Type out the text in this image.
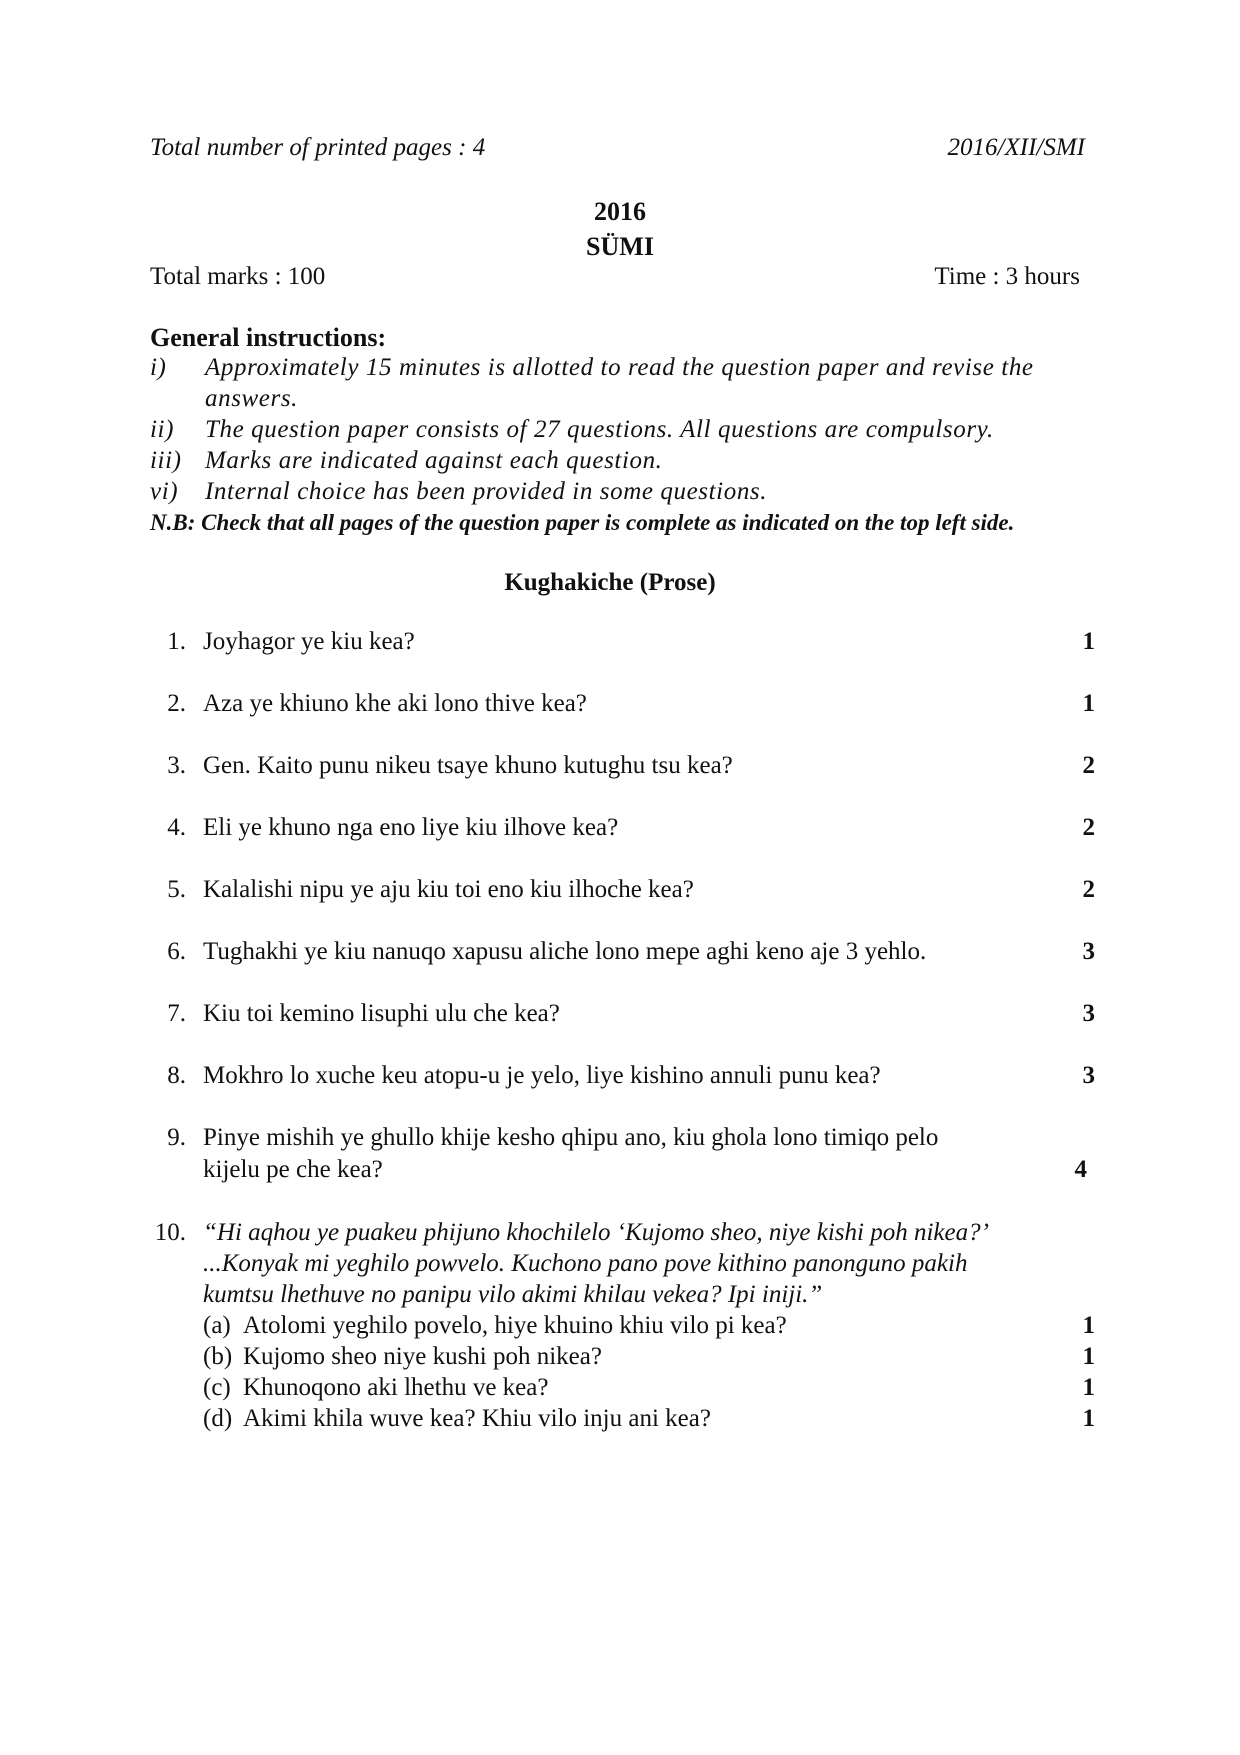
Total number of printed pages : 4	2016/XII/SMI
2016
SÜMI
Total marks : 100	Time : 3 hours
General instructions:
i) Approximately 15 minutes is allotted to read the question paper and revise the
answers.
ii) The question paper consists of 27 questions. All questions are compulsory.
iii) Marks are indicated against each question.
vi) Internal choice has been provided in some questions.
N.B: Check that all pages of the question paper is complete as indicated on the top left side.
Kughakiche (Prose)
1. Joyhagor ye kiu kea?	1
2. Aza ye khiuno khe aki lono thive kea?	1
3. Gen. Kaito punu nikeu tsaye khuno kutughu tsu kea?	2
4. Eli ye khuno nga eno liye kiu ilhove kea?	2
5. Kalalishi nipu ye aju kiu toi eno kiu ilhoche kea?	2
6. Tughakhi ye kiu nanuqo xapusu aliche lono mepe aghi keno aje 3 yehlo.	3
7. Kiu toi kemino lisuphi ulu che kea?	3
8. Mokhro lo xuche keu atopu-u je yelo, liye kishino annuli punu kea?	3
9. Pinye mishih ye ghullo khije kesho qhipu ano, kiu ghola lono timiqo pelo
kijelu pe che kea?	4
10. “Hi aqhou ye puakeu phijuno khochilelo ‘Kujomo sheo, niye kishi poh nikea?’
...Konyak mi yeghilo powvelo. Kuchono pano pove kithino panonguno pakih
kumtsu lhethuve no panipu vilo akimi khilau vekea? Ipi iniji.”
(a) Atolomi yeghilo povelo, hiye khuino khiu vilo pi kea?	1
(b) Kujomo sheo niye kushi poh nikea?	1
(c) Khunoqono aki lhethu ve kea?	1
(d) Akimi khila wuve kea? Khiu vilo inju ani kea?	1
